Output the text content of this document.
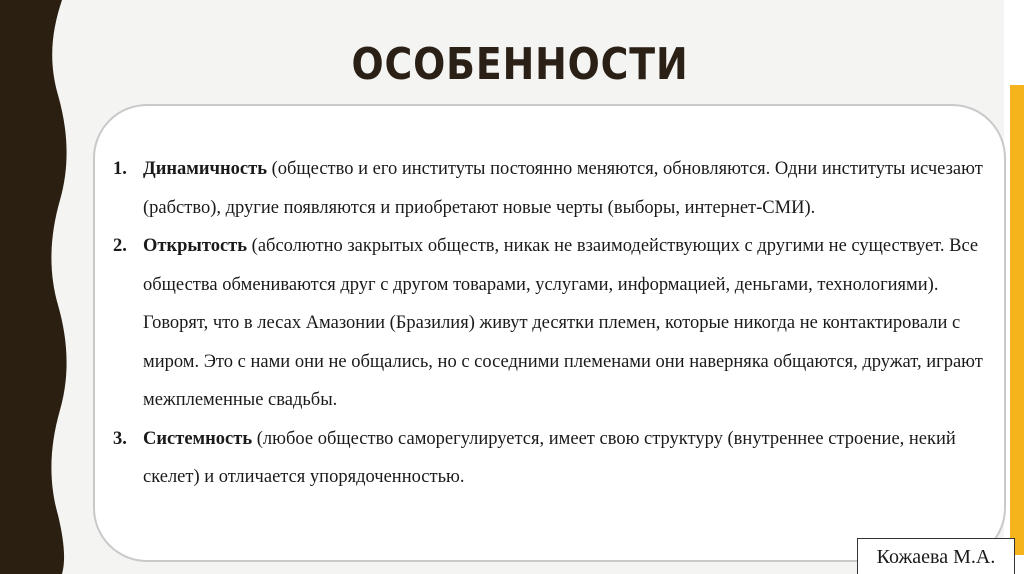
ОСОБЕННОСТИ
1. Динамичность (общество и его институты постоянно меняются, обновляются. Одни институты исчезают (рабство), другие появляются и приобретают новые черты (выборы, интернет-СМИ).
2. Открытость (абсолютно закрытых обществ, никак не взаимодействующих с другими не существует. Все общества обмениваются друг с другом товарами, услугами, информацией, деньгами, технологиями). Говорят, что в лесах Амазонии (Бразилия) живут десятки племен, которые никогда не контактировали с миром. Это с нами они не общались, но с соседними племенами они наверняка общаются, дружат, играют межплеменные свадьбы.
3. Системность (любое общество саморегулируется, имеет свою структуру (внутреннее строение, некий скелет) и отличается упорядоченностью.
Кожаева М.А.
